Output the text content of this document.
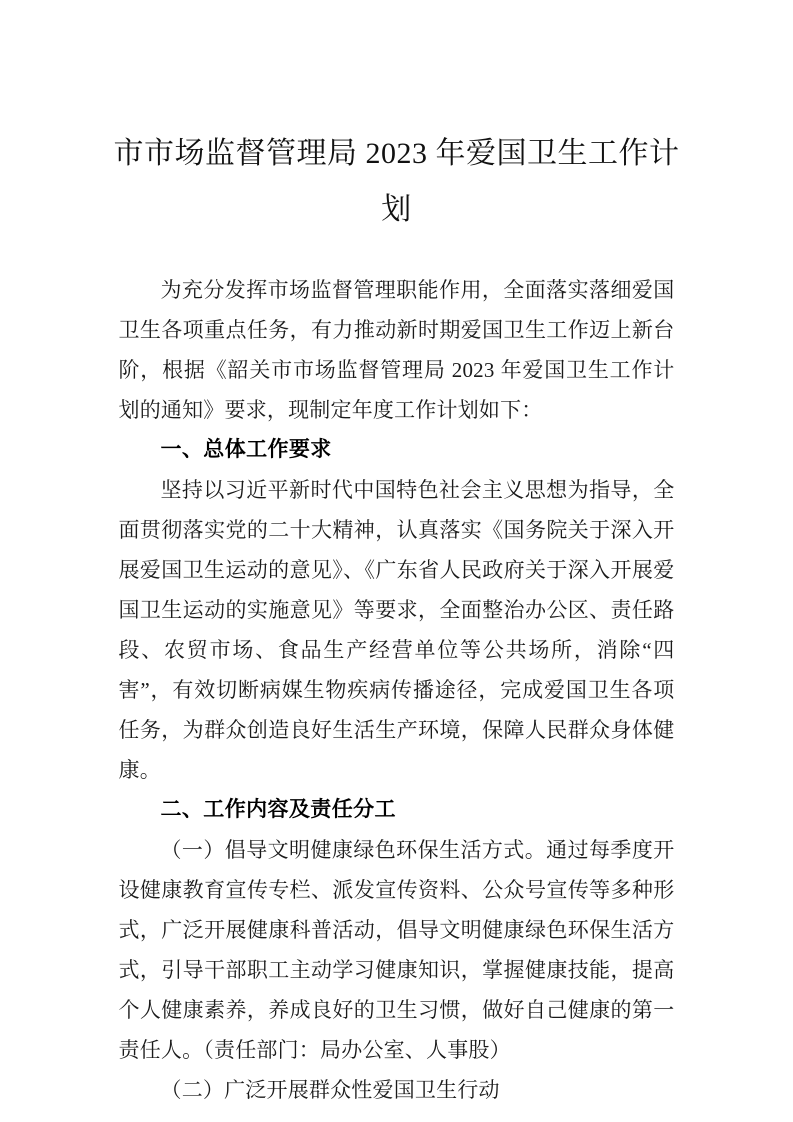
市市场监督管理局 2023 年爱国卫生工作计
划

为充分发挥市场监督管理职能作用，全面落实落细爱国卫生各项重点任务，有力推动新时期爱国卫生工作迈上新台阶，根据《韶关市市场监督管理局 2023 年爱国卫生工作计划的通知》要求，现制定年度工作计划如下：

一、总体工作要求

坚持以习近平新时代中国特色社会主义思想为指导，全面贯彻落实党的二十大精神，认真落实《国务院关于深入开展爱国卫生运动的意见》、《广东省人民政府关于深入开展爱国卫生运动的实施意见》等要求，全面整治办公区、责任路段、农贸市场、食品生产经营单位等公共场所，消除“四害”，有效切断病媒生物疾病传播途径，完成爱国卫生各项任务，为群众创造良好生活生产环境，保障人民群众身体健康。

二、工作内容及责任分工

（一）倡导文明健康绿色环保生活方式。通过每季度开设健康教育宣传专栏、派发宣传资料、公众号宣传等多种形式，广泛开展健康科普活动，倡导文明健康绿色环保生活方式，引导干部职工主动学习健康知识，掌握健康技能，提高个人健康素养，养成良好的卫生习惯，做好自己健康的第一责任人。（责任部门：局办公室、人事股）

（二）广泛开展群众性爱国卫生行动
